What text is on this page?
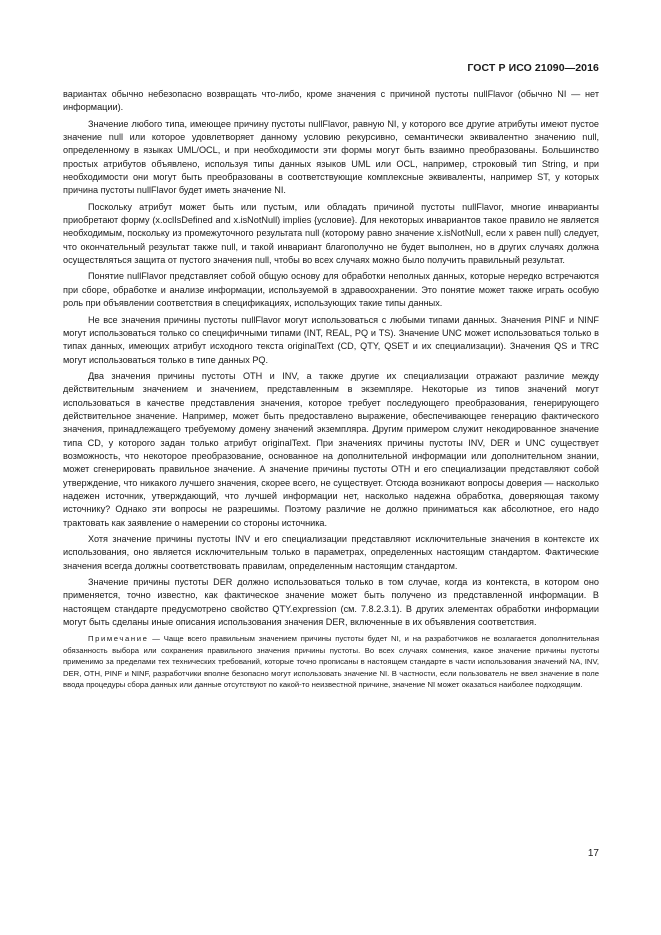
ГОСТ Р ИСО 21090—2016

вариантах обычно небезопасно возвращать что-либо, кроме значения с причиной пустоты nullFlavor (обычно NI — нет информации).

Значение любого типа, имеющее причину пустоты nullFlavor, равную NI, у которого все другие атрибуты имеют пустое значение null или которое удовлетворяет данному условию рекурсивно, семантически эквивалентно значению null, определенному в языках UML/OCL, и при необходимости эти формы могут быть взаимно преобразованы. Большинство простых атрибутов объявлено, используя типы данных языков UML или OCL, например, строковый тип String, и при необходимости они могут быть преобразованы в соответствующие комплексные эквиваленты, например ST, у которых причина пустоты nullFlavor будет иметь значение NI.

Поскольку атрибут может быть или пустым, или обладать причиной пустоты nullFlavor, многие инварианты приобретают форму (x.oclIsDefined and x.isNotNull) implies {условие}. Для некоторых инвариантов такое правило не является необходимым, поскольку из промежуточного результата null (которому равно значение x.isNotNull, если x равен null) следует, что окончательный результат также null, и такой инвариант благополучно не будет выполнен, но в других случаях должна осуществляться защита от пустого значения null, чтобы во всех случаях можно было получить правильный результат.

Понятие nullFlavor представляет собой общую основу для обработки неполных данных, которые нередко встречаются при сборе, обработке и анализе информации, используемой в здравоохранении. Это понятие может также играть особую роль при объявлении соответствия в спецификациях, использующих такие типы данных.

Не все значения причины пустоты nullFlavor могут использоваться с любыми типами данных. Значения PINF и NINF могут использоваться только со специфичными типами (INT, REAL, PQ и TS). Значение UNC может использоваться только в типах данных, имеющих атрибут исходного текста originalText (CD, QTY, QSET и их специализации). Значения QS и TRC могут использоваться только в типе данных PQ.

Два значения причины пустоты OTH и INV, а также другие их специализации отражают различие между действительным значением и значением, представленным в экземпляре. Некоторые из типов значений могут использоваться в качестве представления значения, которое требует последующего преобразования, генерирующего действительное значение. Например, может быть предоставлено выражение, обеспечивающее генерацию фактического значения, принадлежащего требуемому домену значений экземпляра. Другим примером служит некодированное значение типа CD, у которого задан только атрибут originalText. При значениях причины пустоты INV, DER и UNC существует возможность, что некоторое преобразование, основанное на дополнительной информации или дополнительном знании, может сгенерировать правильное значение. А значение причины пустоты OTH и его специализации представляют собой утверждение, что никакого лучшего значения, скорее всего, не существует. Отсюда возникают вопросы доверия — насколько надежен источник, утверждающий, что лучшей информации нет, насколько надежна обработка, доверяющая такому источнику? Однако эти вопросы не разрешимы. Поэтому различие не должно приниматься как абсолютное, его надо трактовать как заявление о намерении со стороны источника.

Хотя значение причины пустоты INV и его специализации представляют исключительные значения в контексте их использования, оно является исключительным только в параметрах, определенных настоящим стандартом. Фактические значения всегда должны соответствовать правилам, определенным настоящим стандартом.

Значение причины пустоты DER должно использоваться только в том случае, когда из контекста, в котором оно применяется, точно известно, как фактическое значение может быть получено из представленной информации. В настоящем стандарте предусмотрено свойство QTY.expression (см. 7.8.2.3.1). В других элементах обработки информации могут быть сделаны иные описания использования значения DER, включенные в их объявления соответствия.

Примечание — Чаще всего правильным значением причины пустоты будет NI, и на разработчиков не возлагается дополнительная обязанность выбора или сохранения правильного значения причины пустоты. Во всех случаях сомнения, какое значение причины пустоты применимо за пределами тех технических требований, которые точно прописаны в настоящем стандарте в части использования значений NA, INV, DER, OTH, PINF и NINF, разработчики вполне безопасно могут использовать значение NI. В частности, если пользователь не ввел значение в поле ввода процедуры сбора данных или данные отсутствуют по какой-то неизвестной причине, значение NI может оказаться наиболее подходящим.

17
